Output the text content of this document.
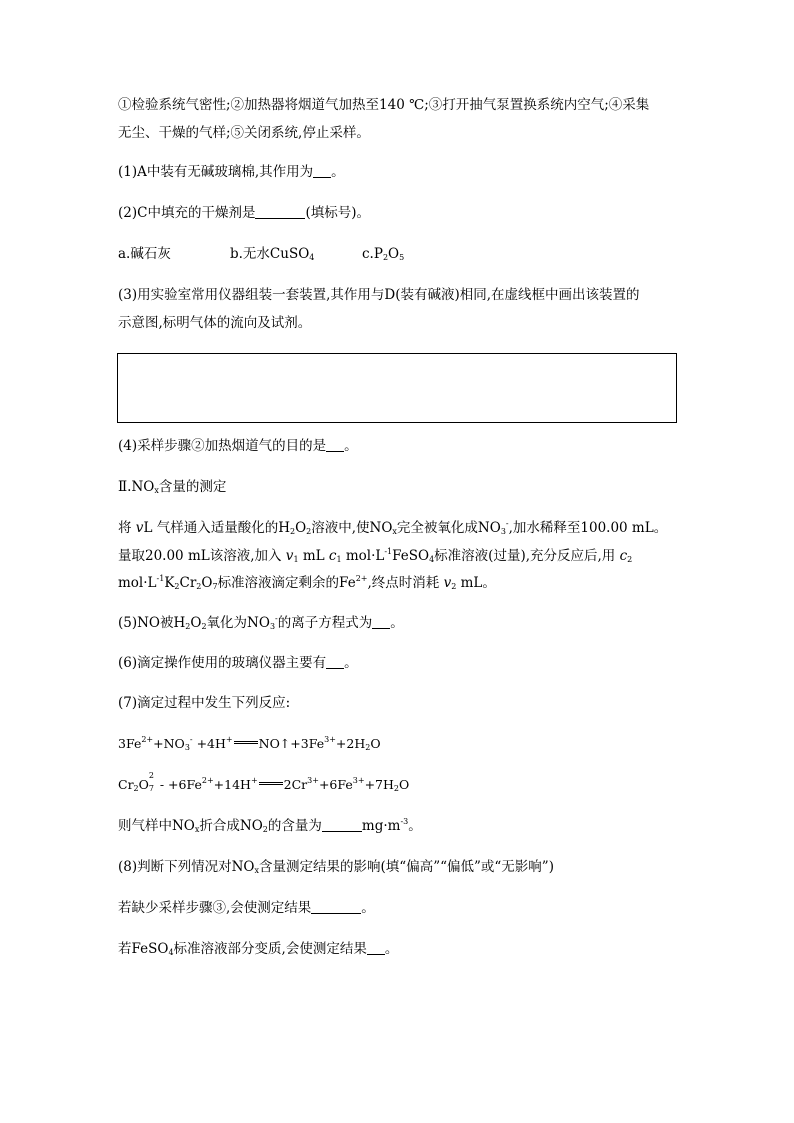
①检验系统气密性;②加热器将烟道气加热至140 ℃;③打开抽气泵置换系统内空气;④采集
无尘、干燥的气样;⑤关闭系统,停止采样。
(1)A中装有无碱玻璃棉,其作用为 。
(2)C中填充的干燥剂是	(填标号)。
a.碱石灰	b.无水CuSO$_4$	$c.P_2O_5$
(3)用实验室常用仪器组装一套装置,其作用与D(装有碱液)相同,在虚线框中画出该装置的
示意图,标明气体的流向及试剂。
(4)采样步骤②加热烟道气的目的是 。
$Ⅱ.NO_x$含量的测定
将 vL 气样通入适量酸化的$H_2O_2$溶液中,使$NO_x$完全被氧化成$NO_3^-$,加水稀释至100.00 mL。
量取20.00 mL该溶液,加入 $v_1$ mL $c_1$ $mol\cdot L^{-1}FeSO_4$标准溶液(过量),充分反应后,用 $c_2$
$mol\cdot L^{-1}K_2Cr_2O_7$标准溶液滴定剩余的$Fe^{2+}$,终点时消耗 $v_2$ mL。
(5)NO被$H_2O_2$氧化为$NO_3^-$的离子方程式为 。
(6)滴定操作使用的玻璃仪器主要有 。
(7)滴定过程中发生下列反应:
$3Fe^{2+}+NO_3^- +4H^+$ $NO↑+3Fe^{3+}+2H_2O$
$Cr_2O$
2
$7 - +6Fe^{2+}+14H^+$ $2Cr^{3+}+6Fe^{3+}+7H_2O$
则气样中$NO_x$折合成$NO_2$的含量为	$mg\cdot m^{-3}$。
(8)判断下列情况对$NO_x$含量测定结果的影响(填“偏高”“偏低”或“无影响”)
若缺少采样步骤③,会使测定结果	。
若FeSO$_4$标准溶液部分变质,会使测定结果 。
